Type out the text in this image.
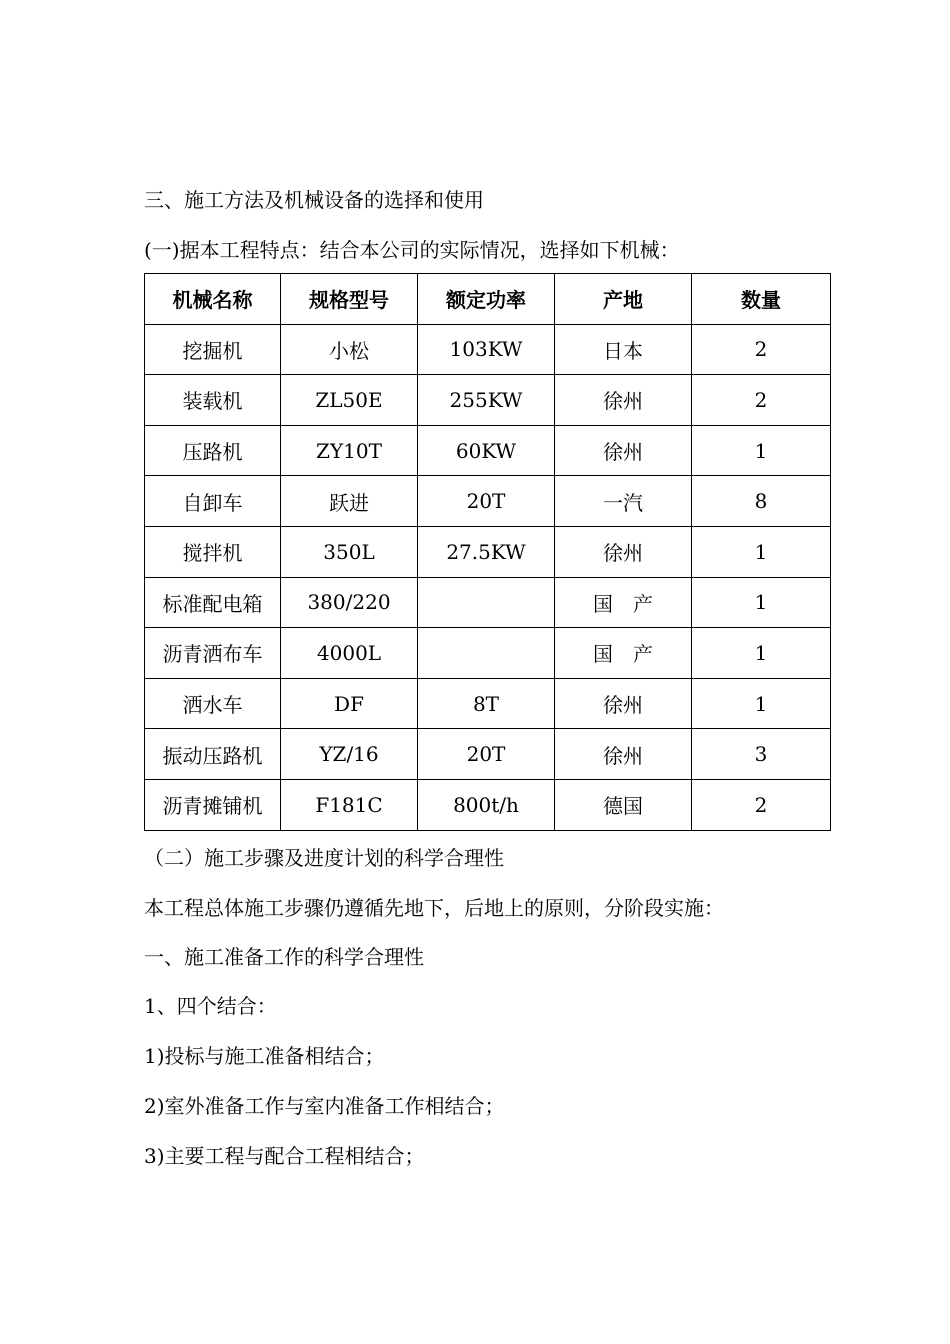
三、施工方法及机械设备的选择和使用
(一)据本工程特点：结合本公司的实际情况，选择如下机械：
机械名称	规格型号	额定功率	产地	数量
挖掘机	小松	103KW	日本	2
装载机	ZL50E	255KW	徐州	2
压路机	ZY10T	60KW	徐州	1
自卸车	跃进	20T	一汽	8
搅拌机	350L	27.5KW	徐州	1
标准配电箱	380/220		国　产	1
沥青洒布车	4000L		国　产	1
洒水车	DF	8T	徐州	1
振动压路机	YZ/16	20T	徐州	3
沥青摊铺机	F181C	800t/h	德国	2
（二）施工步骤及进度计划的科学合理性
本工程总体施工步骤仍遵循先地下，后地上的原则，分阶段实施：
一、施工准备工作的科学合理性
1、四个结合：
1)投标与施工准备相结合；
2)室外准备工作与室内准备工作相结合；
3)主要工程与配合工程相结合；
